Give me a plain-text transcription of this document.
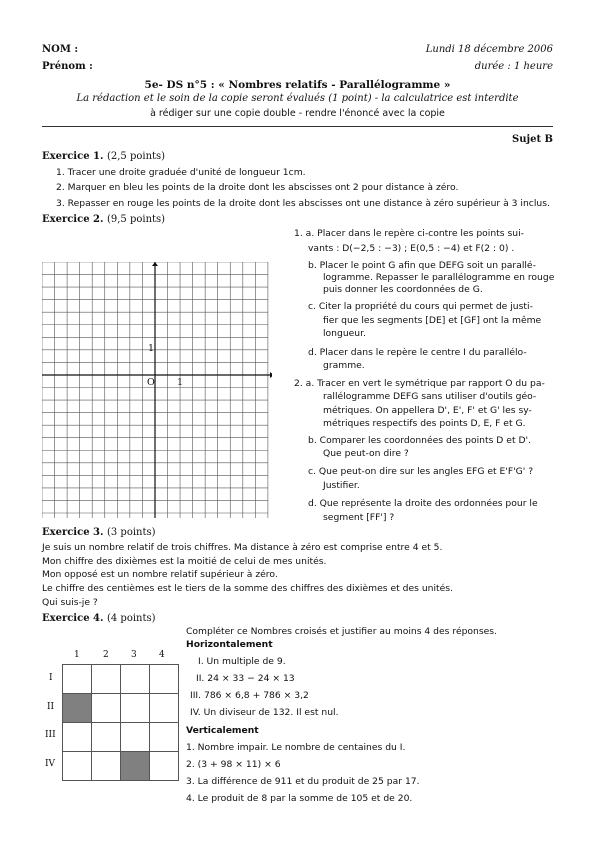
NOM :
Prénom :
Lundi 18 décembre 2006
durée : 1 heure
5e- DS n°5 : « Nombres relatifs - Parallélogramme »
La rédaction et le soin de la copie seront évalués (1 point) - la calculatrice est interdite
à rédiger sur une copie double - rendre l'énoncé avec la copie
Sujet B
Exercice 1. (2,5 points)
1. Tracer une droite graduée d'unité de longueur 1cm.
2. Marquer en bleu les points de la droite dont les abscisses ont 2 pour distance à zéro.
3. Repasser en rouge les points de la droite dont les abscisses ont une distance à zéro supérieur à 3 inclus.
Exercice 2. (9,5 points)
O 1
1
1. a. Placer dans le repère ci-contre les points sui-
vants : D(−2,5 : −3) ; E(0,5 : −4) et F(2 : 0) .
b. Placer le point G afin que DEFG soit un parallé-
logramme. Repasser le parallélogramme en rouge
puis donner les coordonnées de G.
c. Citer la propriété du cours qui permet de justi-
fier que les segments [DE] et [GF] ont la même
longueur.
d. Placer dans le repère le centre I du parallélo-
gramme.
2. a. Tracer en vert le symétrique par rapport O du pa-
rallélogramme DEFG sans utiliser d'outils géo-
métriques. On appellera D', E', F' et G' les sy-
métriques respectifs des points D, E, F et G.
b. Comparer les coordonnées des points D et D'.
Que peut-on dire ?
c. Que peut-on dire sur les angles EFG et E'F'G' ?
Justifier.
d. Que représente la droite des ordonnées pour le
segment [FF'] ?
Exercice 3. (3 points)
Je suis un nombre relatif de trois chiffres. Ma distance à zéro est comprise entre 4 et 5.
Mon chiffre des dixièmes est la moitié de celui de mes unités.
Mon opposé est un nombre relatif supérieur à zéro.
Le chiffre des centièmes est le tiers de la somme des chiffres des dixièmes et des unités.
Qui suis-je ?
Exercice 4. (4 points)
1	2 3 4
I
II
III
IV

Compléter ce Nombres croisés et justifier au moins 4 des réponses.
Horizontalement
I. Un multiple de 9.
II. 24 × 33 − 24 × 13
III. 786 × 6,8 + 786 × 3,2
IV. Un diviseur de 132. Il est nul.
Verticalement
1. Nombre impair. Le nombre de centaines du I.
2. (3 + 98 × 11) × 6
3. La différence de 911 et du produit de 25 par 17.
4. Le produit de 8 par la somme de 105 et de 20.
